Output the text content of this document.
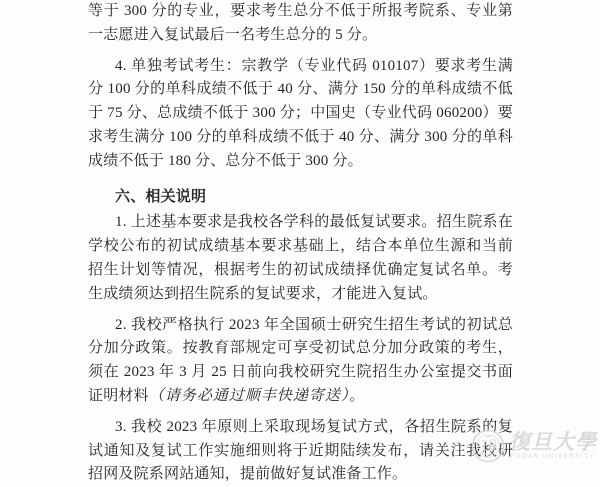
等于 300 分的专业，要求考生总分不低于所报考院系、专业第一志愿进入复试最后一名考生总分的 5 分。

4. 单独考试考生：宗教学（专业代码 010107）要求考生满分 100 分的单科成绩不低于 40 分、满分 150 分的单科成绩不低于 75 分、总成绩不低于 300 分；中国史（专业代码 060200）要求考生满分 100 分的单科成绩不低于 40 分、满分 300 分的单科成绩不低于 180 分、总分不低于 300 分。

六、相关说明

1. 上述基本要求是我校各学科的最低复试要求。招生院系在学校公布的初试成绩基本要求基础上，结合本单位生源和当前招生计划等情况，根据考生的初试成绩择优确定复试名单。考生成绩须达到招生院系的复试要求，才能进入复试。

2. 我校严格执行 2023 年全国硕士研究生招生考试的初试总分加分政策。按教育部规定可享受初试总分加分政策的考生，须在 2023 年 3 月 25 日前向我校研究生院招生办公室提交书面证明材料（请务必通过顺丰快递寄送）。

3. 我校 2023 年原则上采取现场复试方式，各招生院系的复试通知及复试工作实施细则将于近期陆续发布，请关注我校研招网及院系网站通知，提前做好复试准备工作。

復旦大學
FUDAN UNIVERSITY
